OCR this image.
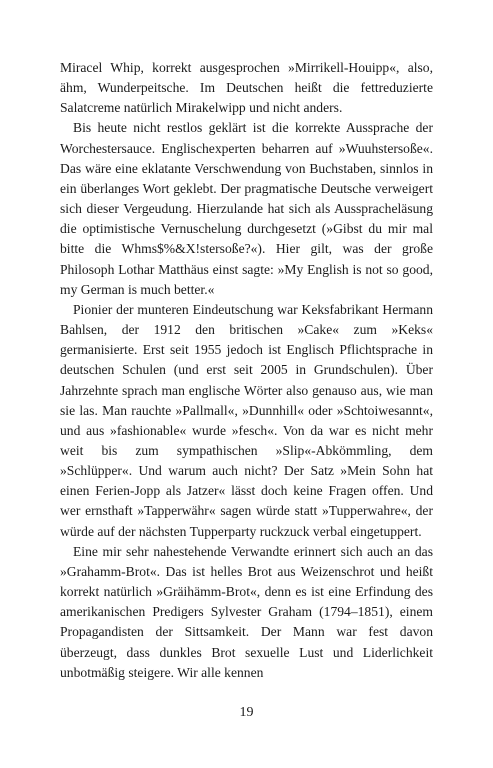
Miracel Whip, korrekt ausgesprochen »Mirrikell-Houipp«, also, ähm, Wunderpeitsche. Im Deutschen heißt die fettreduzierte Salatcreme natürlich Mirakelwipp und nicht anders.

Bis heute nicht restlos geklärt ist die korrekte Aussprache der Worchestersauce. Englischexperten beharren auf »Wuuhstersoße«. Das wäre eine eklatante Verschwendung von Buchstaben, sinnlos in ein überlanges Wort geklebt. Der pragmatische Deutsche verweigert sich dieser Vergeudung. Hierzulande hat sich als Ausspracheläsung die optimistische Vernuschelung durchgesetzt (»Gibst du mir mal bitte die Whms$%&X!stersoße?«). Hier gilt, was der große Philosoph Lothar Matthäus einst sagte: »My English is not so good, my German is much better.«

Pionier der munteren Eindeutschung war Keksfabrikant Hermann Bahlsen, der 1912 den britischen »Cake« zum »Keks« germanisierte. Erst seit 1955 jedoch ist Englisch Pflichtsprache in deutschen Schulen (und erst seit 2005 in Grundschulen). Über Jahrzehnte sprach man englische Wörter also genauso aus, wie man sie las. Man rauchte »Pallmall«, »Dunnhill« oder »Schtoiwesannt«, und aus »fashionable« wurde »fesch«. Von da war es nicht mehr weit bis zum sympathischen »Slip«-Abkömmling, dem »Schlüpper«. Und warum auch nicht? Der Satz »Mein Sohn hat einen Ferien-Jopp als Jatzer« lässt doch keine Fragen offen. Und wer ernsthaft »Tapperwähr« sagen würde statt »Tupperwahre«, der würde auf der nächsten Tupperparty ruckzuck verbal eingetuppert.

Eine mir sehr nahestehende Verwandte erinnert sich auch an das »Grahamm-Brot«. Das ist helles Brot aus Weizenschrot und heißt korrekt natürlich »Gräihämm-Brot«, denn es ist eine Erfindung des amerikanischen Predigers Sylvester Graham (1794–1851), einem Propagandisten der Sittsamkeit. Der Mann war fest davon überzeugt, dass dunkles Brot sexuelle Lust und Liderlichkeit unbotmäßig steigere. Wir alle kennen

19
